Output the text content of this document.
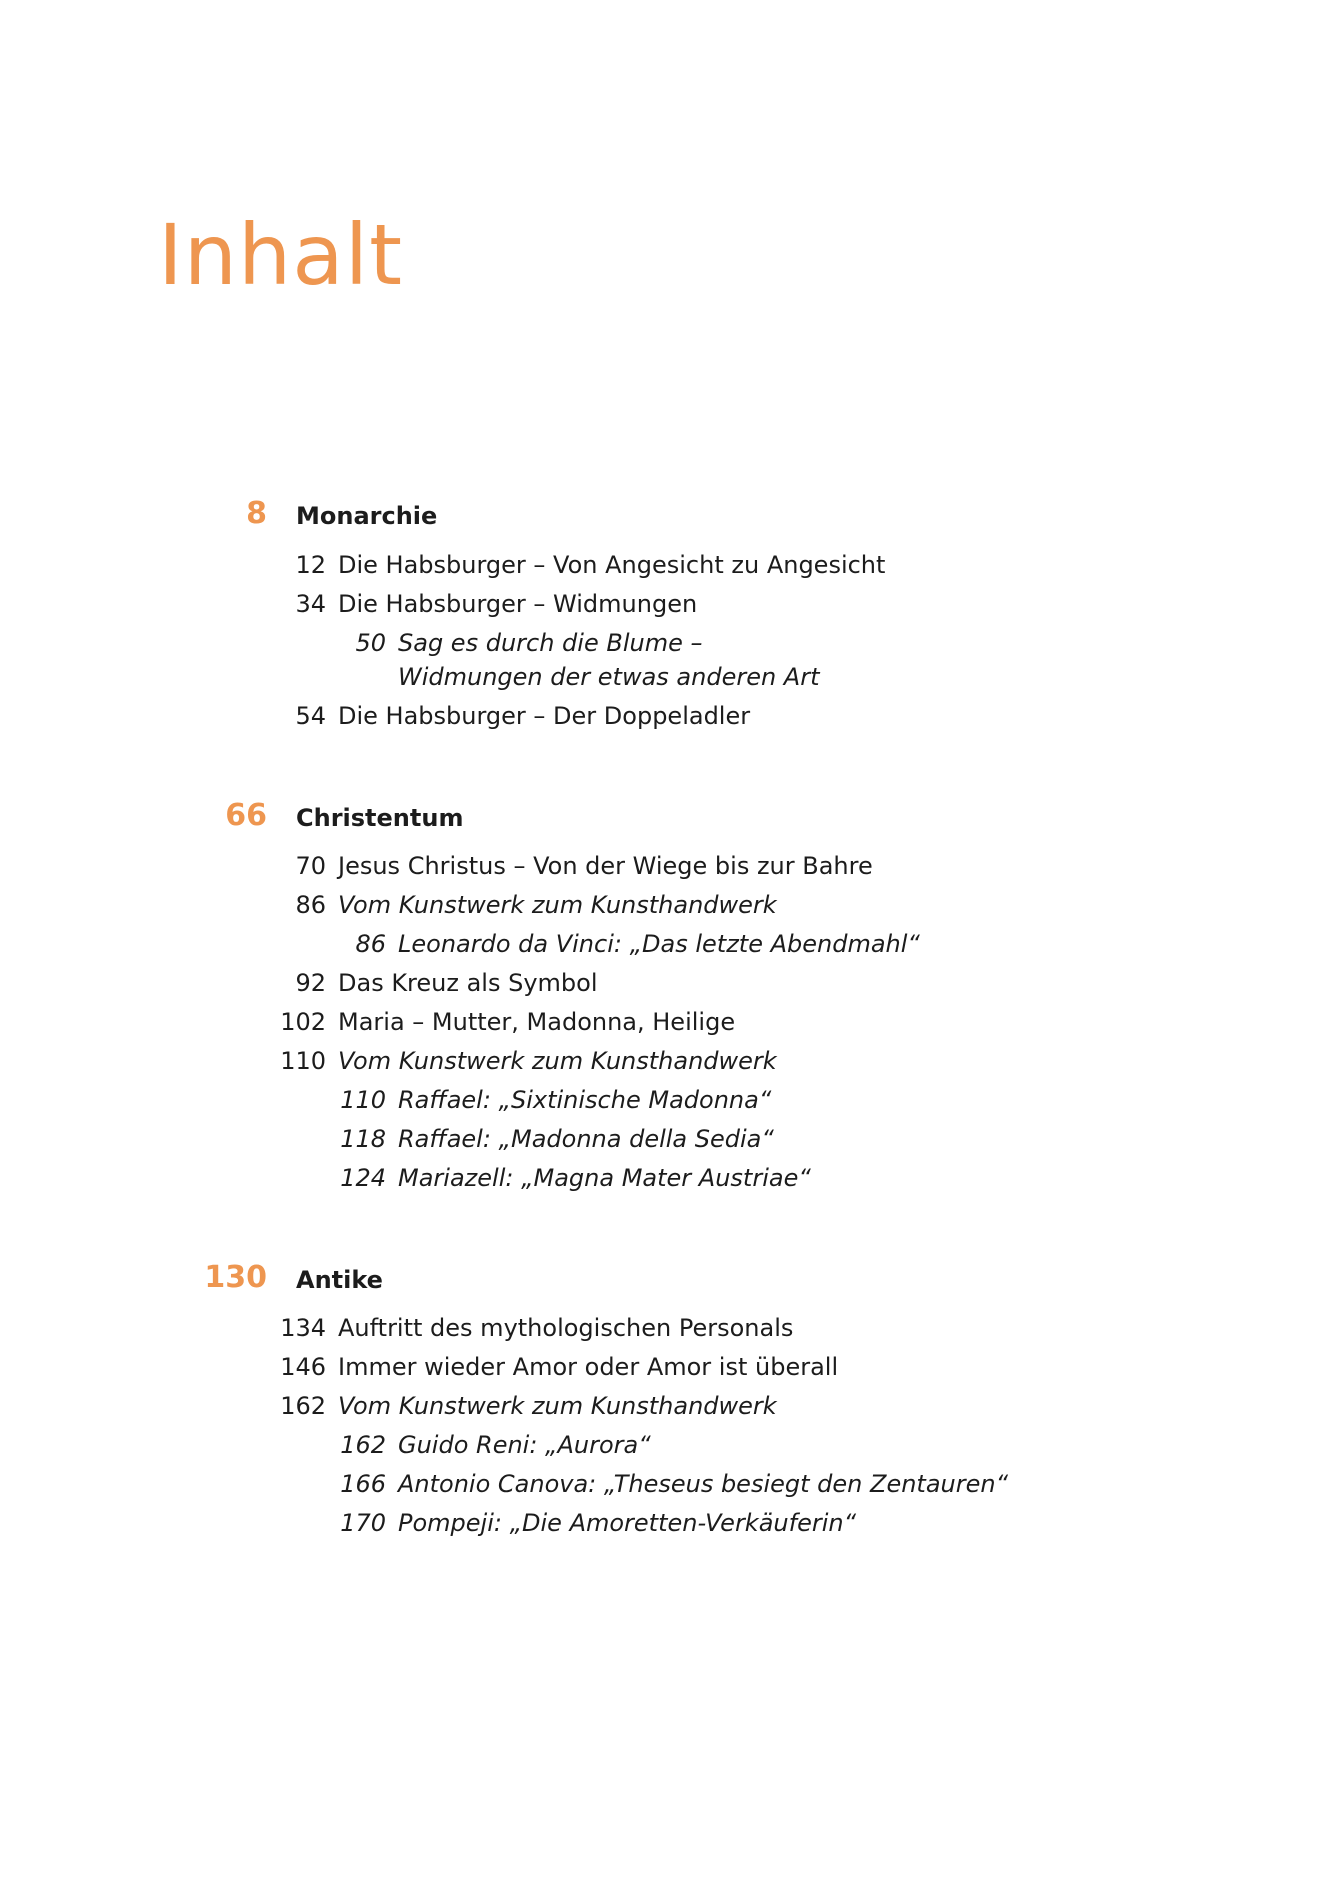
Inhalt
8 Monarchie
12 Die Habsburger – Von Angesicht zu Angesicht
34 Die Habsburger – Widmungen
50 Sag es durch die Blume –
Widmungen der etwas anderen Art
54 Die Habsburger – Der Doppeladler
66 Christentum
70 Jesus Christus – Von der Wiege bis zur Bahre
86 Vom Kunstwerk zum Kunsthandwerk
86 Leonardo da Vinci: „Das letzte Abendmahl“
92 Das Kreuz als Symbol
102 Maria – Mutter, Madonna, Heilige
110 Vom Kunstwerk zum Kunsthandwerk
110 Raffael: „Sixtinische Madonna“
118 Raffael: „Madonna della Sedia“
124 Mariazell: „Magna Mater Austriae“
130 Antike
134 Auftritt des mythologischen Personals
146 Immer wieder Amor oder Amor ist überall
162 Vom Kunstwerk zum Kunsthandwerk
162 Guido Reni: „Aurora“
166 Antonio Canova: „Theseus besiegt den Zentauren“
170 Pompeji: „Die Amoretten-Verkäuferin“
